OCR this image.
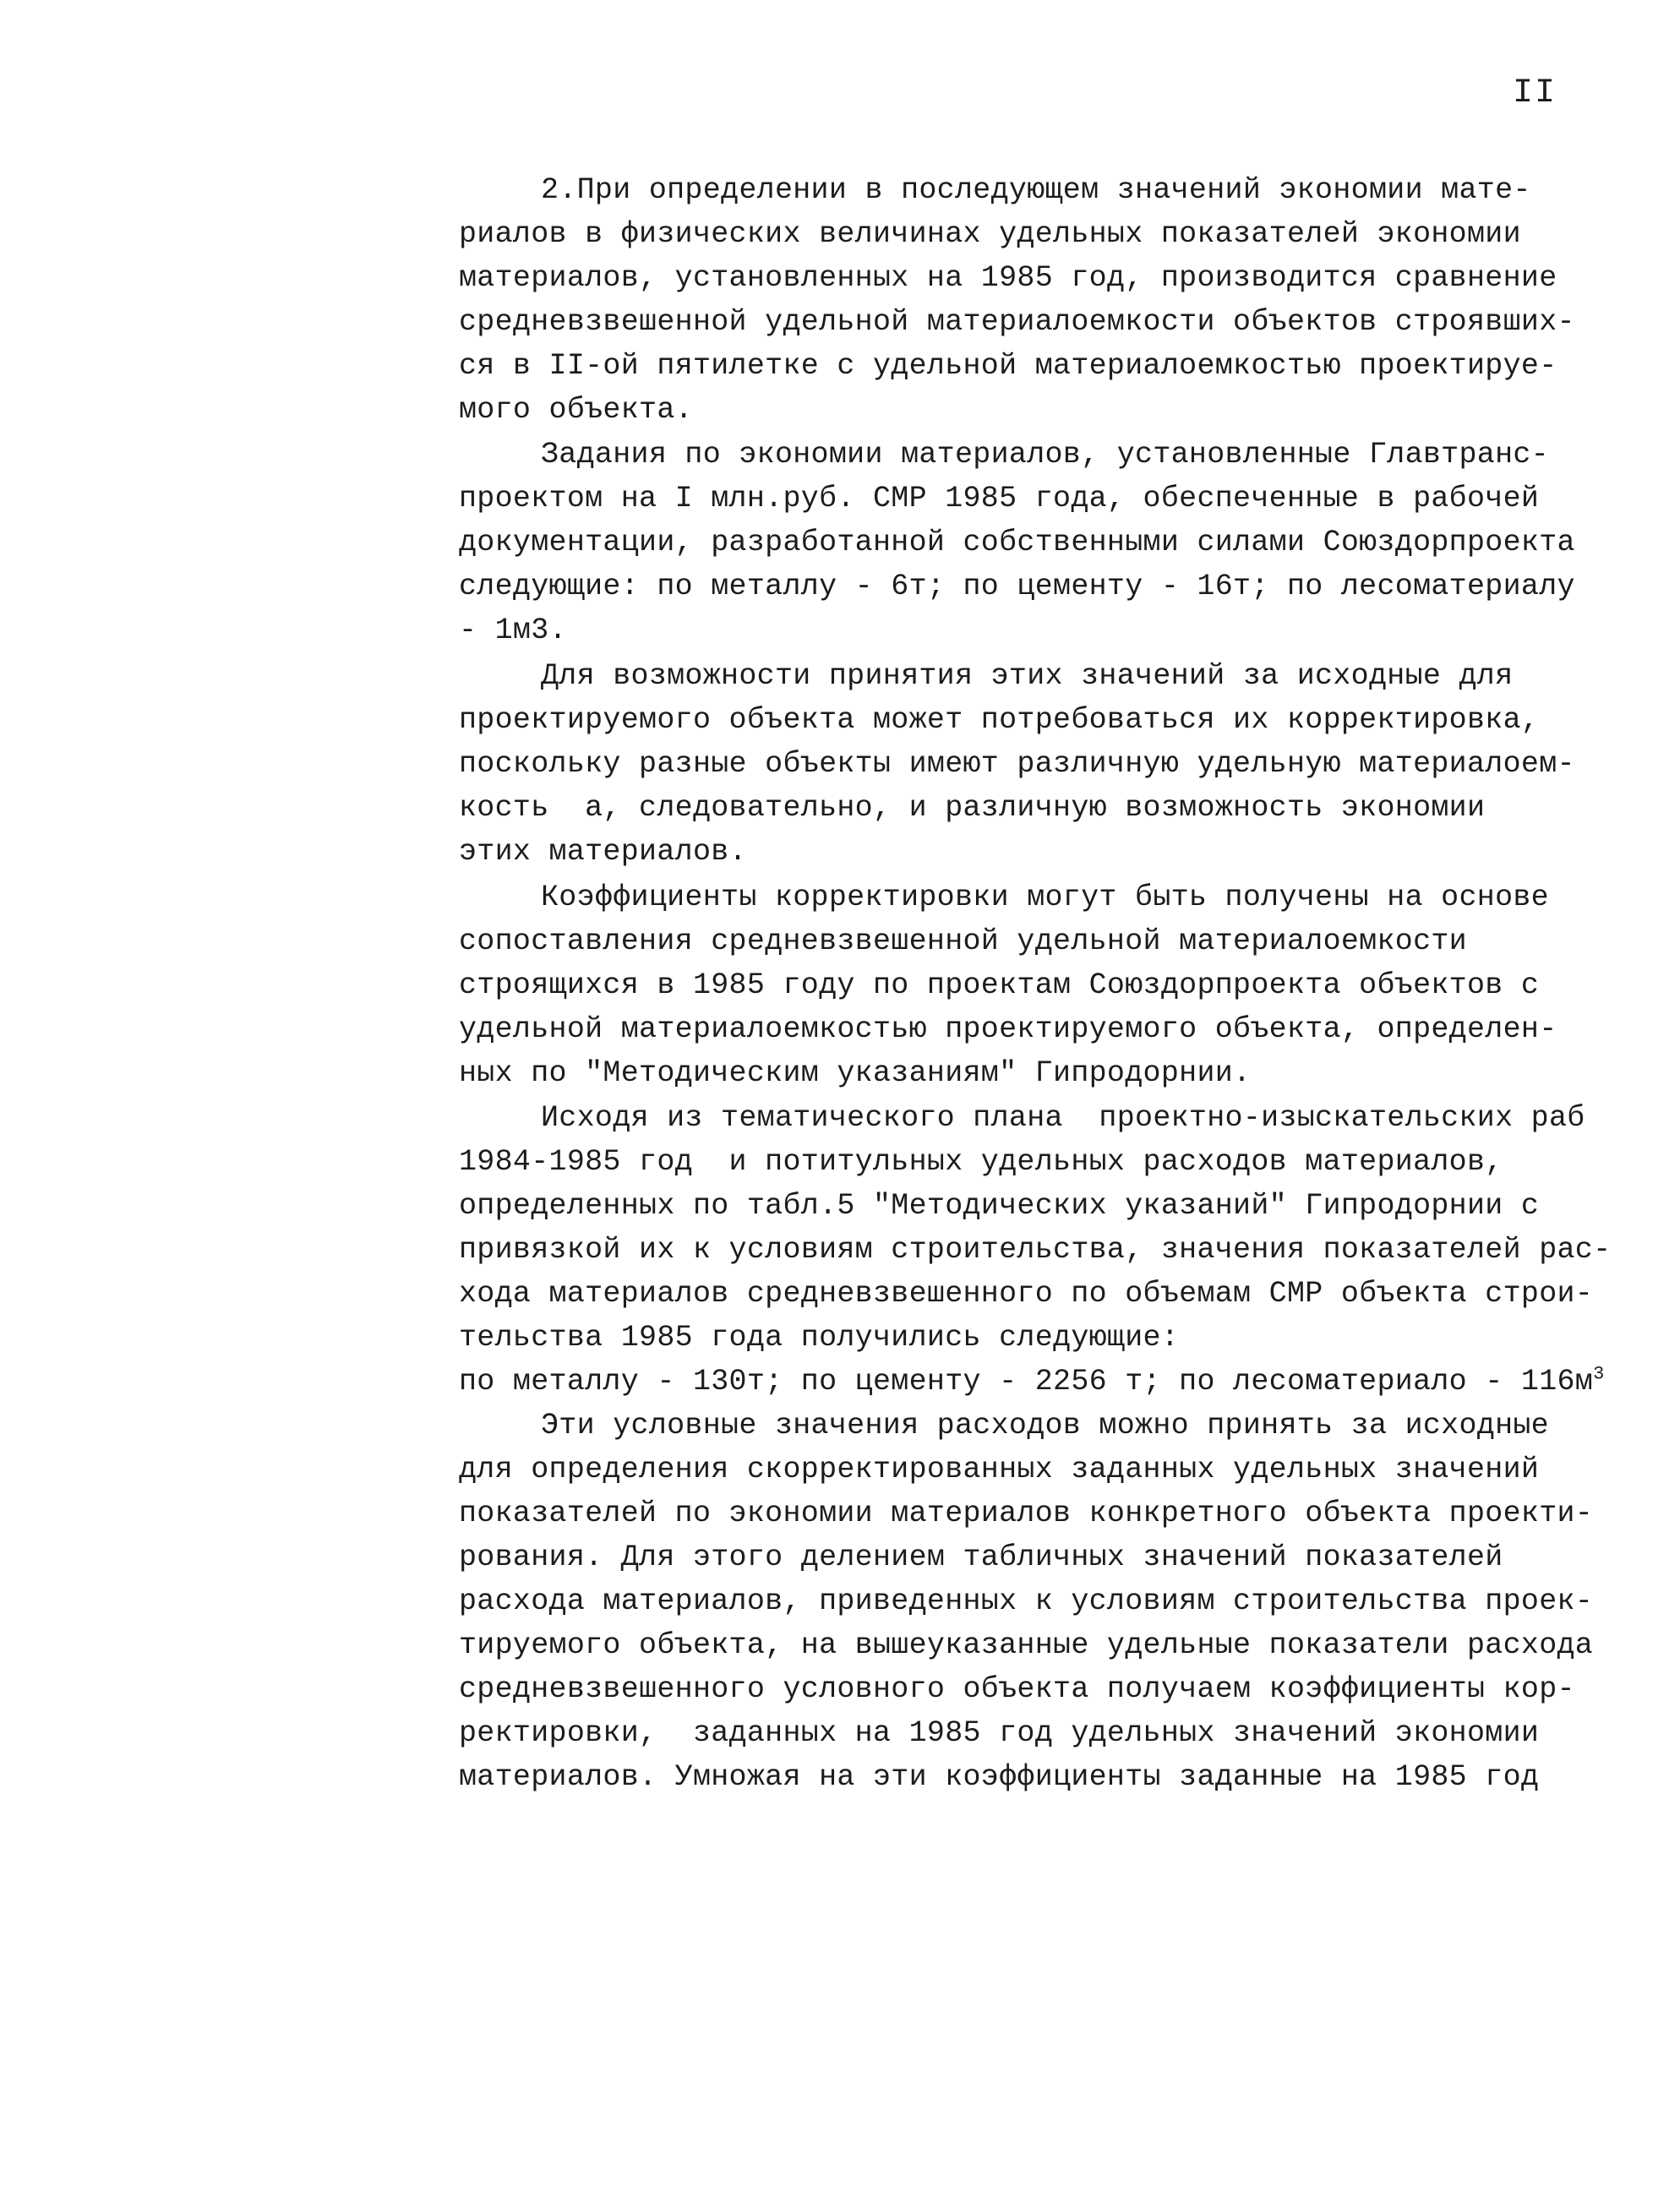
II
2.При определении в последующем значений экономии мате-
риалов в физических величинах удельных показателей экономии
материалов, установленных на 1985 год, производится сравнение
средневзвешенной удельной материалоемкости объектов строявших-
ся в II-ой пятилетке с удельной материалоемкостью проектируе-
мого объекта.
Задания по экономии материалов, установленные Главтранс-
проектом на I млн.руб. СМР 1985 года, обеспеченные в рабочей
документации, разработанной собственными силами Союздорпроекта
следующие: по металлу - 6т; по цементу - 16т; по лесоматериалу
- 1м3.
Для возможности принятия этих значений за исходные для
проектируемого объекта может потребоваться их корректировка,
поскольку разные объекты имеют различную удельную материалоем-
кость  а, следовательно, и различную возможность экономии
этих материалов.
Коэффициенты корректировки могут быть получены на основе
сопоставления средневзвешенной удельной материалоемкости
строящихся в 1985 году по проектам Союздорпроекта объектов с
удельной материалоемкостью проектируемого объекта, определен-
ных по "Методическим указаниям" Гипродорнии.
Исходя из тематического плана  проектно-изыскательских раб
1984-1985 год  и потитульных удельных расходов материалов,
определенных по табл.5 "Методических указаний" Гипродорнии с
привязкой их к условиям строительства, значения показателей рас-
хода материалов средневзвешенного по объемам СМР объекта строи-
тельства 1985 года получились следующие:
по металлу - 130т; по цементу - 2256 т; по лесоматериало - $116м^3$
Эти условные значения расходов можно принять за исходные
для определения скорректированных заданных удельных значений
показателей по экономии материалов конкретного объекта проекти-
рования. Для этого делением табличных значений показателей
расхода материалов, приведенных к условиям строительства проек-
тируемого объекта, на вышеуказанные удельные показатели расхода
средневзвешенного условного объекта получаем коэффициенты кор-
ректировки,  заданных на 1985 год удельных значений экономии
материалов. Умножая на эти коэффициенты заданные на 1985 год
